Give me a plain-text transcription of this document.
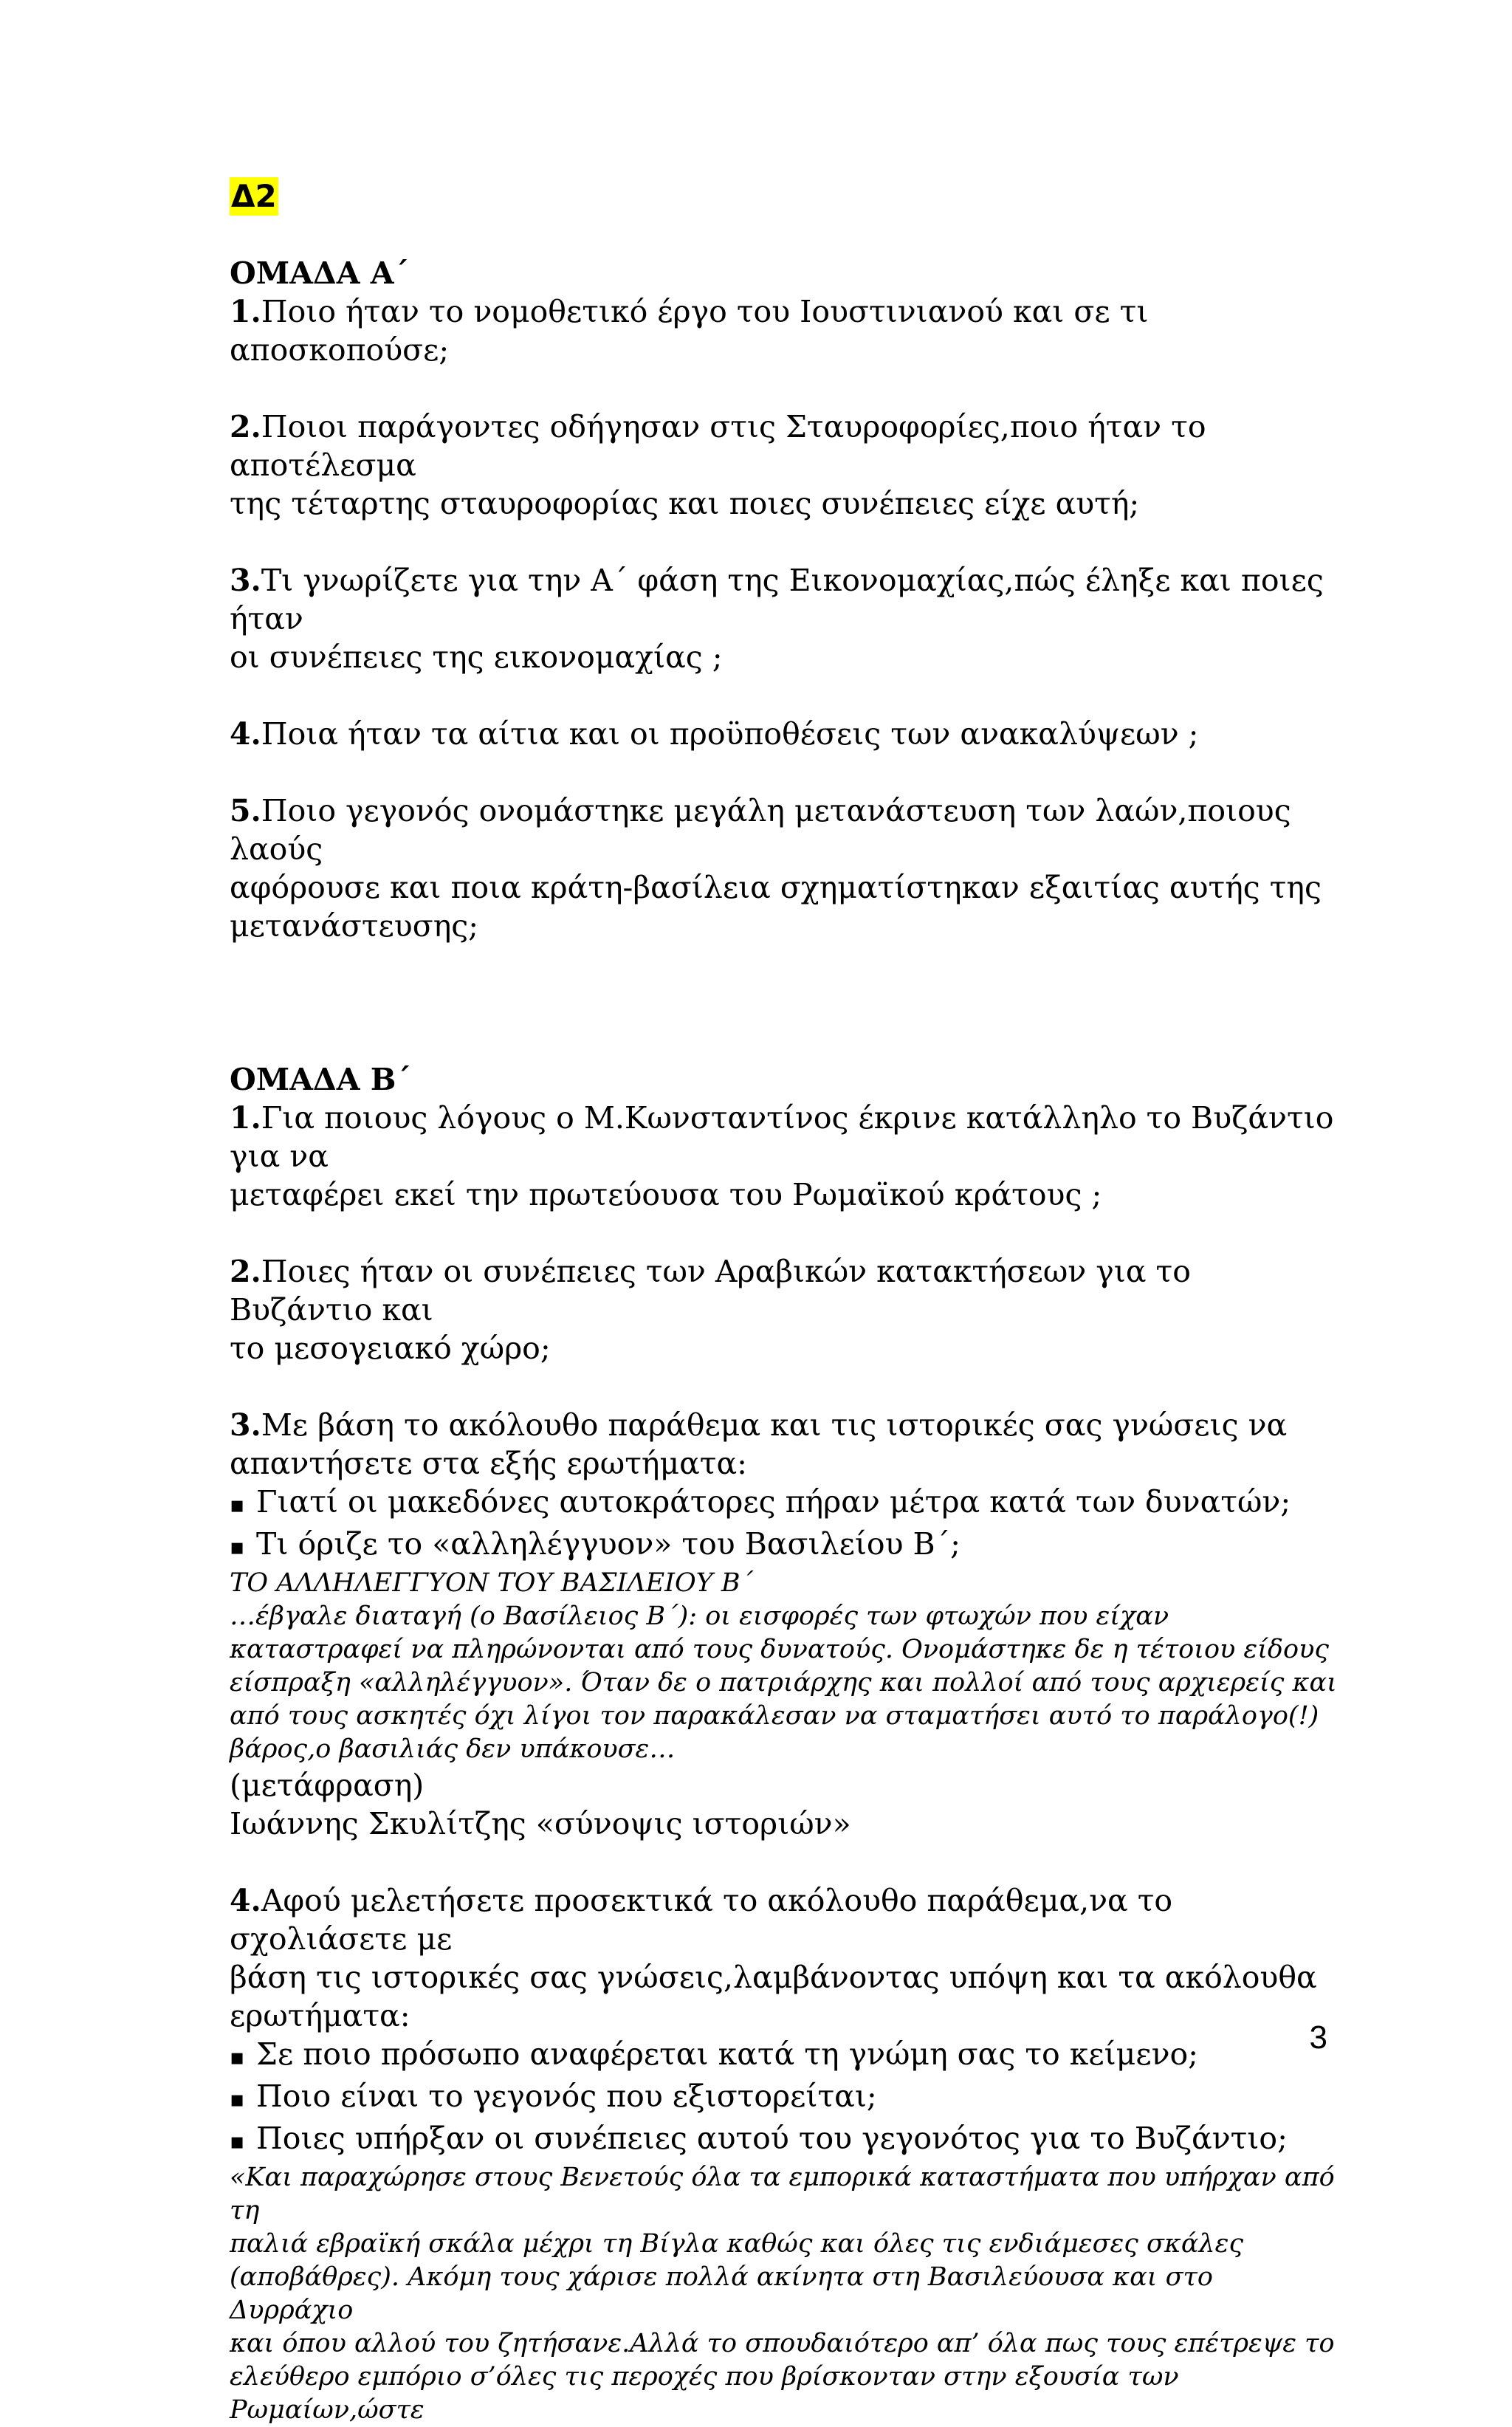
Δ2
ΟΜΑΔΑ Α΄

1.Ποιο ήταν το νομοθετικό έργο του Ιουστινιανού και σε τι αποσκοπούσε;

2.Ποιοι παράγοντες οδήγησαν στις Σταυροφορίες,ποιο ήταν το αποτέλεσμα
της τέταρτης σταυροφορίας και ποιες συνέπειες είχε αυτή;
3.Τι γνωρίζετε για την Α΄ φάση της Εικονομαχίας,πώς έληξε και ποιες ήταν
οι συνέπειες της εικονομαχίας ;

4.Ποια ήταν τα αίτια και οι προϋποθέσεις των ανακαλύψεων ;

5.Ποιο γεγονός ονομάστηκε μεγάλη μετανάστευση των λαών,ποιους λαούς
αφόρουσε και ποια κράτη-βασίλεια σχηματίστηκαν εξαιτίας αυτής της
μετανάστευσης;
ΟΜΑΔΑ Β΄
1.Για ποιους λόγους ο Μ.Κωνσταντίνος έκρινε κατάλληλο το Βυζάντιο για να
μεταφέρει εκεί την πρωτεύουσα του Ρωμαϊκού κράτους ;
2.Ποιες ήταν οι συνέπειες των Αραβικών κατακτήσεων για το Βυζάντιο και
το μεσογειακό χώρο;
3.Με βάση το ακόλουθο παράθεμα και τις ιστορικές σας γνώσεις να
απαντήσετε στα εξής ερωτήματα:
▪ Γιατί οι μακεδόνες αυτοκράτορες πήραν μέτρα κατά των δυνατών;
▪ Τι όριζε το «αλληλέγγυον» του Βασιλείου Β΄;
ΤΟ ΑΛΛΗΛΕΓΓΥΟΝ ΤΟΥ ΒΑΣΙΛΕΙΟΥ Β΄
…έβγαλε διαταγή (ο Βασίλειος Β΄): οι εισφορές των φτωχών που είχαν
καταστραφεί να πληρώνονται από τους δυνατούς. Ονομάστηκε δε η τέτοιου είδους
είσπραξη «αλληλέγγυον». Όταν δε ο πατριάρχης και πολλοί από τους αρχιερείς και
από τους ασκητές όχι λίγοι τον παρακάλεσαν να σταματήσει αυτό το παράλογο(!)
βάρος,ο βασιλιάς δεν υπάκουσε…
(μετάφραση)
Ιωάννης Σκυλίτζης «σύνοψις ιστοριών»
4.Αφού μελετήσετε προσεκτικά το ακόλουθο παράθεμα,να το σχολιάσετε με
βάση τις ιστορικές σας γνώσεις,λαμβάνοντας υπόψη και τα ακόλουθα
ερωτήματα:
▪ Σε ποιο πρόσωπο αναφέρεται κατά τη γνώμη σας το κείμενο;
▪ Ποιο είναι το γεγονός που εξιστορείται;
▪ Ποιες υπήρξαν οι συνέπειες αυτού του γεγονότος για το Βυζάντιο;
«Και παραχώρησε στους Βενετούς όλα τα εμπορικά καταστήματα που υπήρχαν από τη
παλιά εβραϊκή σκάλα μέχρι τη Βίγλα καθώς και όλες τις ενδιάμεσες σκάλες
(αποβάθρες). Ακόμη τους χάρισε πολλά ακίνητα στη Βασιλεύουσα και στο Δυρράχιο
και όπου αλλού του ζητήσανε.Αλλά το σπουδαιότερο απ’ όλα πως τους επέτρεψε το
ελεύθερο εμπόριο σ’όλες τις περοχές που βρίσκονταν στην εξουσία των Ρωμαίων,ώστε
3
